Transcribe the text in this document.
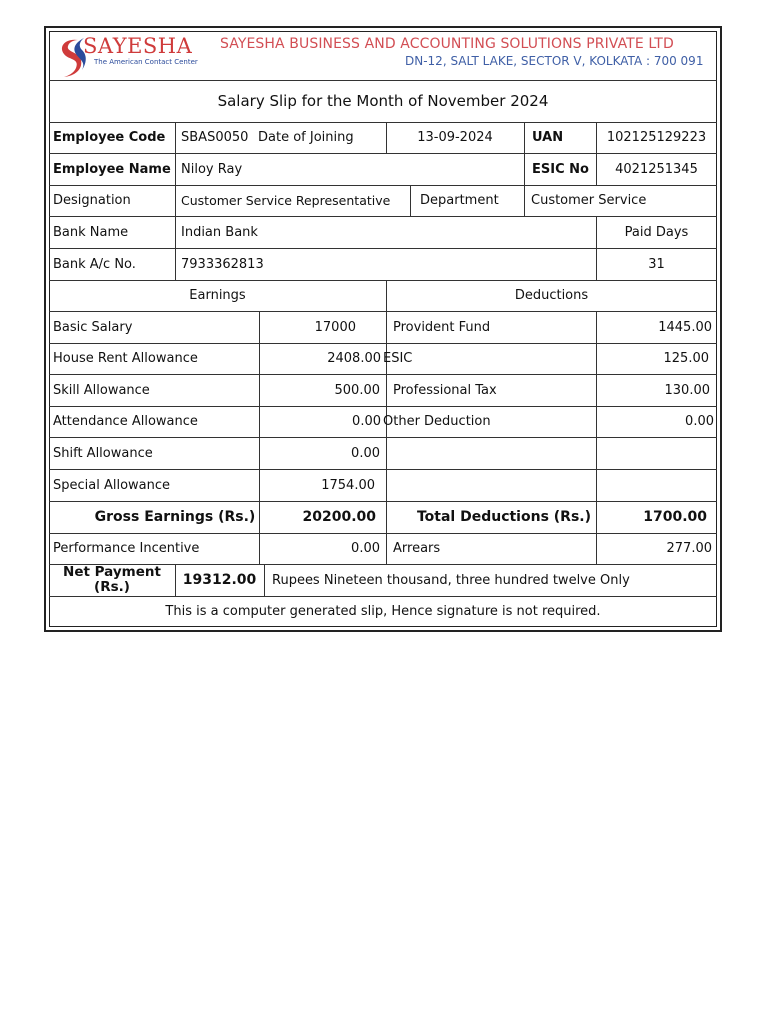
SAYESHA
The American Contact Center
SAYESHA BUSINESS AND ACCOUNTING SOLUTIONS PRIVATE LTD
DN-12, SALT LAKE, SECTOR V, KOLKATA : 700 091
Salary Slip for the Month of November 2024
Employee Code	SBAS0050 Date of Joining	13-09-2024	UAN	102125129223
Employee Name Niloy Ray	ESIC No	4021251345
Designation	Customer Service Representative	Department	Customer Service
Bank Name	Indian Bank	Paid Days
Bank A/c No.	7933362813	31
Earnings	Deductions
Basic Salary	17000	Provident Fund	1445.00
House Rent Allowance	2408.00 ESIC	125.00
Skill Allowance	500.00	Professional Tax	130.00
Attendance Allowance	0.00 Other Deduction	0.00
Shift Allowance	0.00
Special Allowance	1754.00
Gross Earnings (Rs.)	20200.00	Total Deductions (Rs.)	1700.00
Performance Incentive	0.00	Arrears	277.00
Net Payment
(Rs.)	19312.00	Rupees Nineteen thousand, three hundred twelve Only
This is a computer generated slip, Hence signature is not required.
